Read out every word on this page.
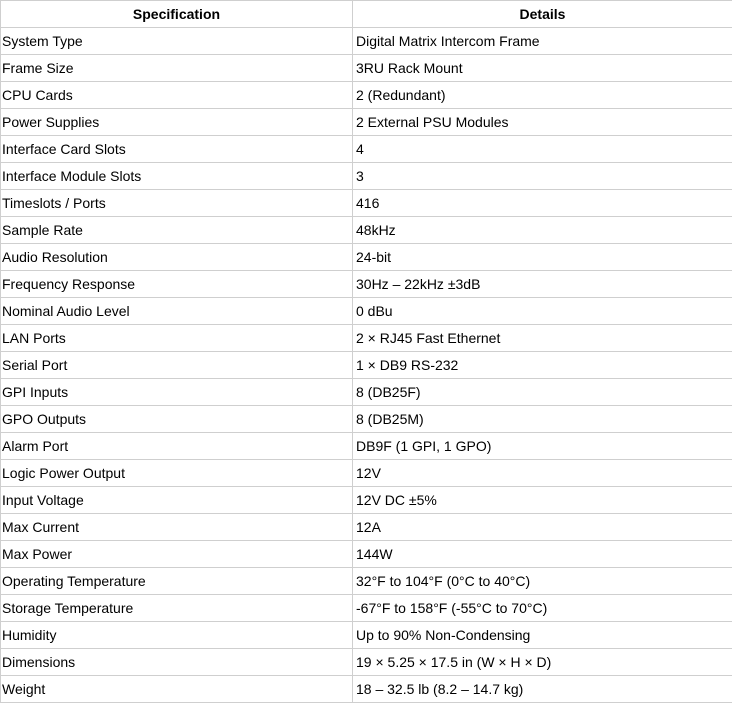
Specification	Details
System Type	Digital Matrix Intercom Frame
Frame Size	3RU Rack Mount
CPU Cards	2 (Redundant)
Power Supplies	2 External PSU Modules
Interface Card Slots	4
Interface Module Slots	3
Timeslots / Ports	416
Sample Rate	48kHz
Audio Resolution	24-bit
Frequency Response	30Hz – 22kHz ±3dB
Nominal Audio Level	0 dBu
LAN Ports	2 × RJ45 Fast Ethernet
Serial Port	1 × DB9 RS-232
GPI Inputs	8 (DB25F)
GPO Outputs	8 (DB25M)
Alarm Port	DB9F (1 GPI, 1 GPO)
Logic Power Output	12V
Input Voltage	12V DC ±5%
Max Current	12A
Max Power	144W
Operating Temperature	32°F to 104°F (0°C to 40°C)
Storage Temperature	-67°F to 158°F (-55°C to 70°C)
Humidity	Up to 90% Non-Condensing
Dimensions	19 × 5.25 × 17.5 in (W × H × D)
Weight	18 – 32.5 lb (8.2 – 14.7 kg)
